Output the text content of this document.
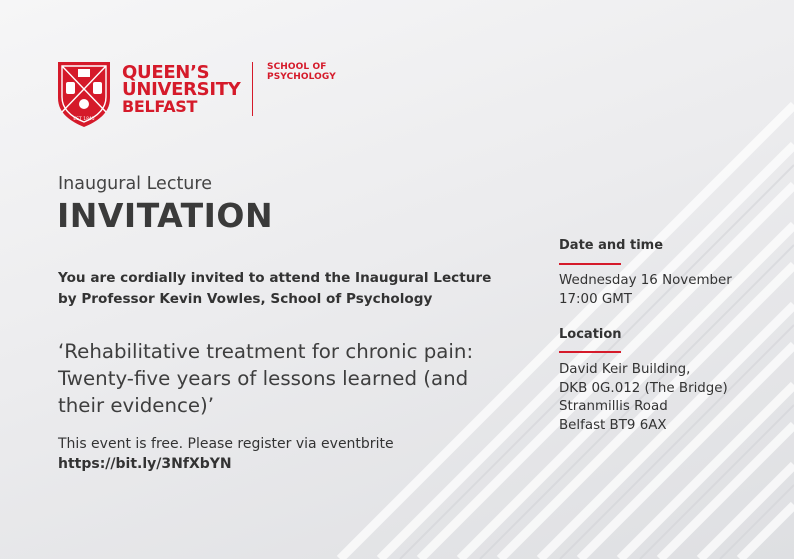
EST 1845
QUEEN’S
UNIVERSITY
BELFAST
SCHOOL OF
PSYCHOLOGY
Inaugural Lecture
INVITATION
You are cordially invited to attend the Inaugural Lecture
by Professor Kevin Vowles, School of Psychology
‘Rehabilitative treatment for chronic pain:
Twenty-five years of lessons learned (and
their evidence)’
This event is free. Please register via eventbrite
https://bit.ly/3NfXbYN
Date and time
Wednesday 16 November
17:00 GMT
Location
David Keir Building,
DKB 0G.012 (The Bridge)
Stranmillis Road
Belfast BT9 6AX
